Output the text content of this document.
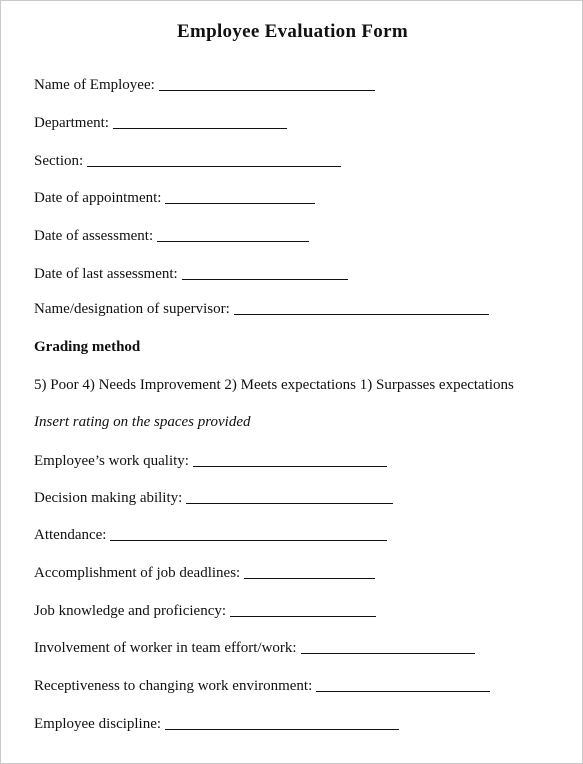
Employee Evaluation Form
Name of Employee:
Department:
Section:
Date of appointment:
Date of assessment:
Date of last assessment:
Name/designation of supervisor:
Grading method
5) Poor 4) Needs Improvement 2) Meets expectations 1) Surpasses expectations
Insert rating on the spaces provided
Employee’s work quality:
Decision making ability:
Attendance:
Accomplishment of job deadlines:
Job knowledge and proficiency:
Involvement of worker in team effort/work:
Receptiveness to changing work environment:
Employee discipline:
